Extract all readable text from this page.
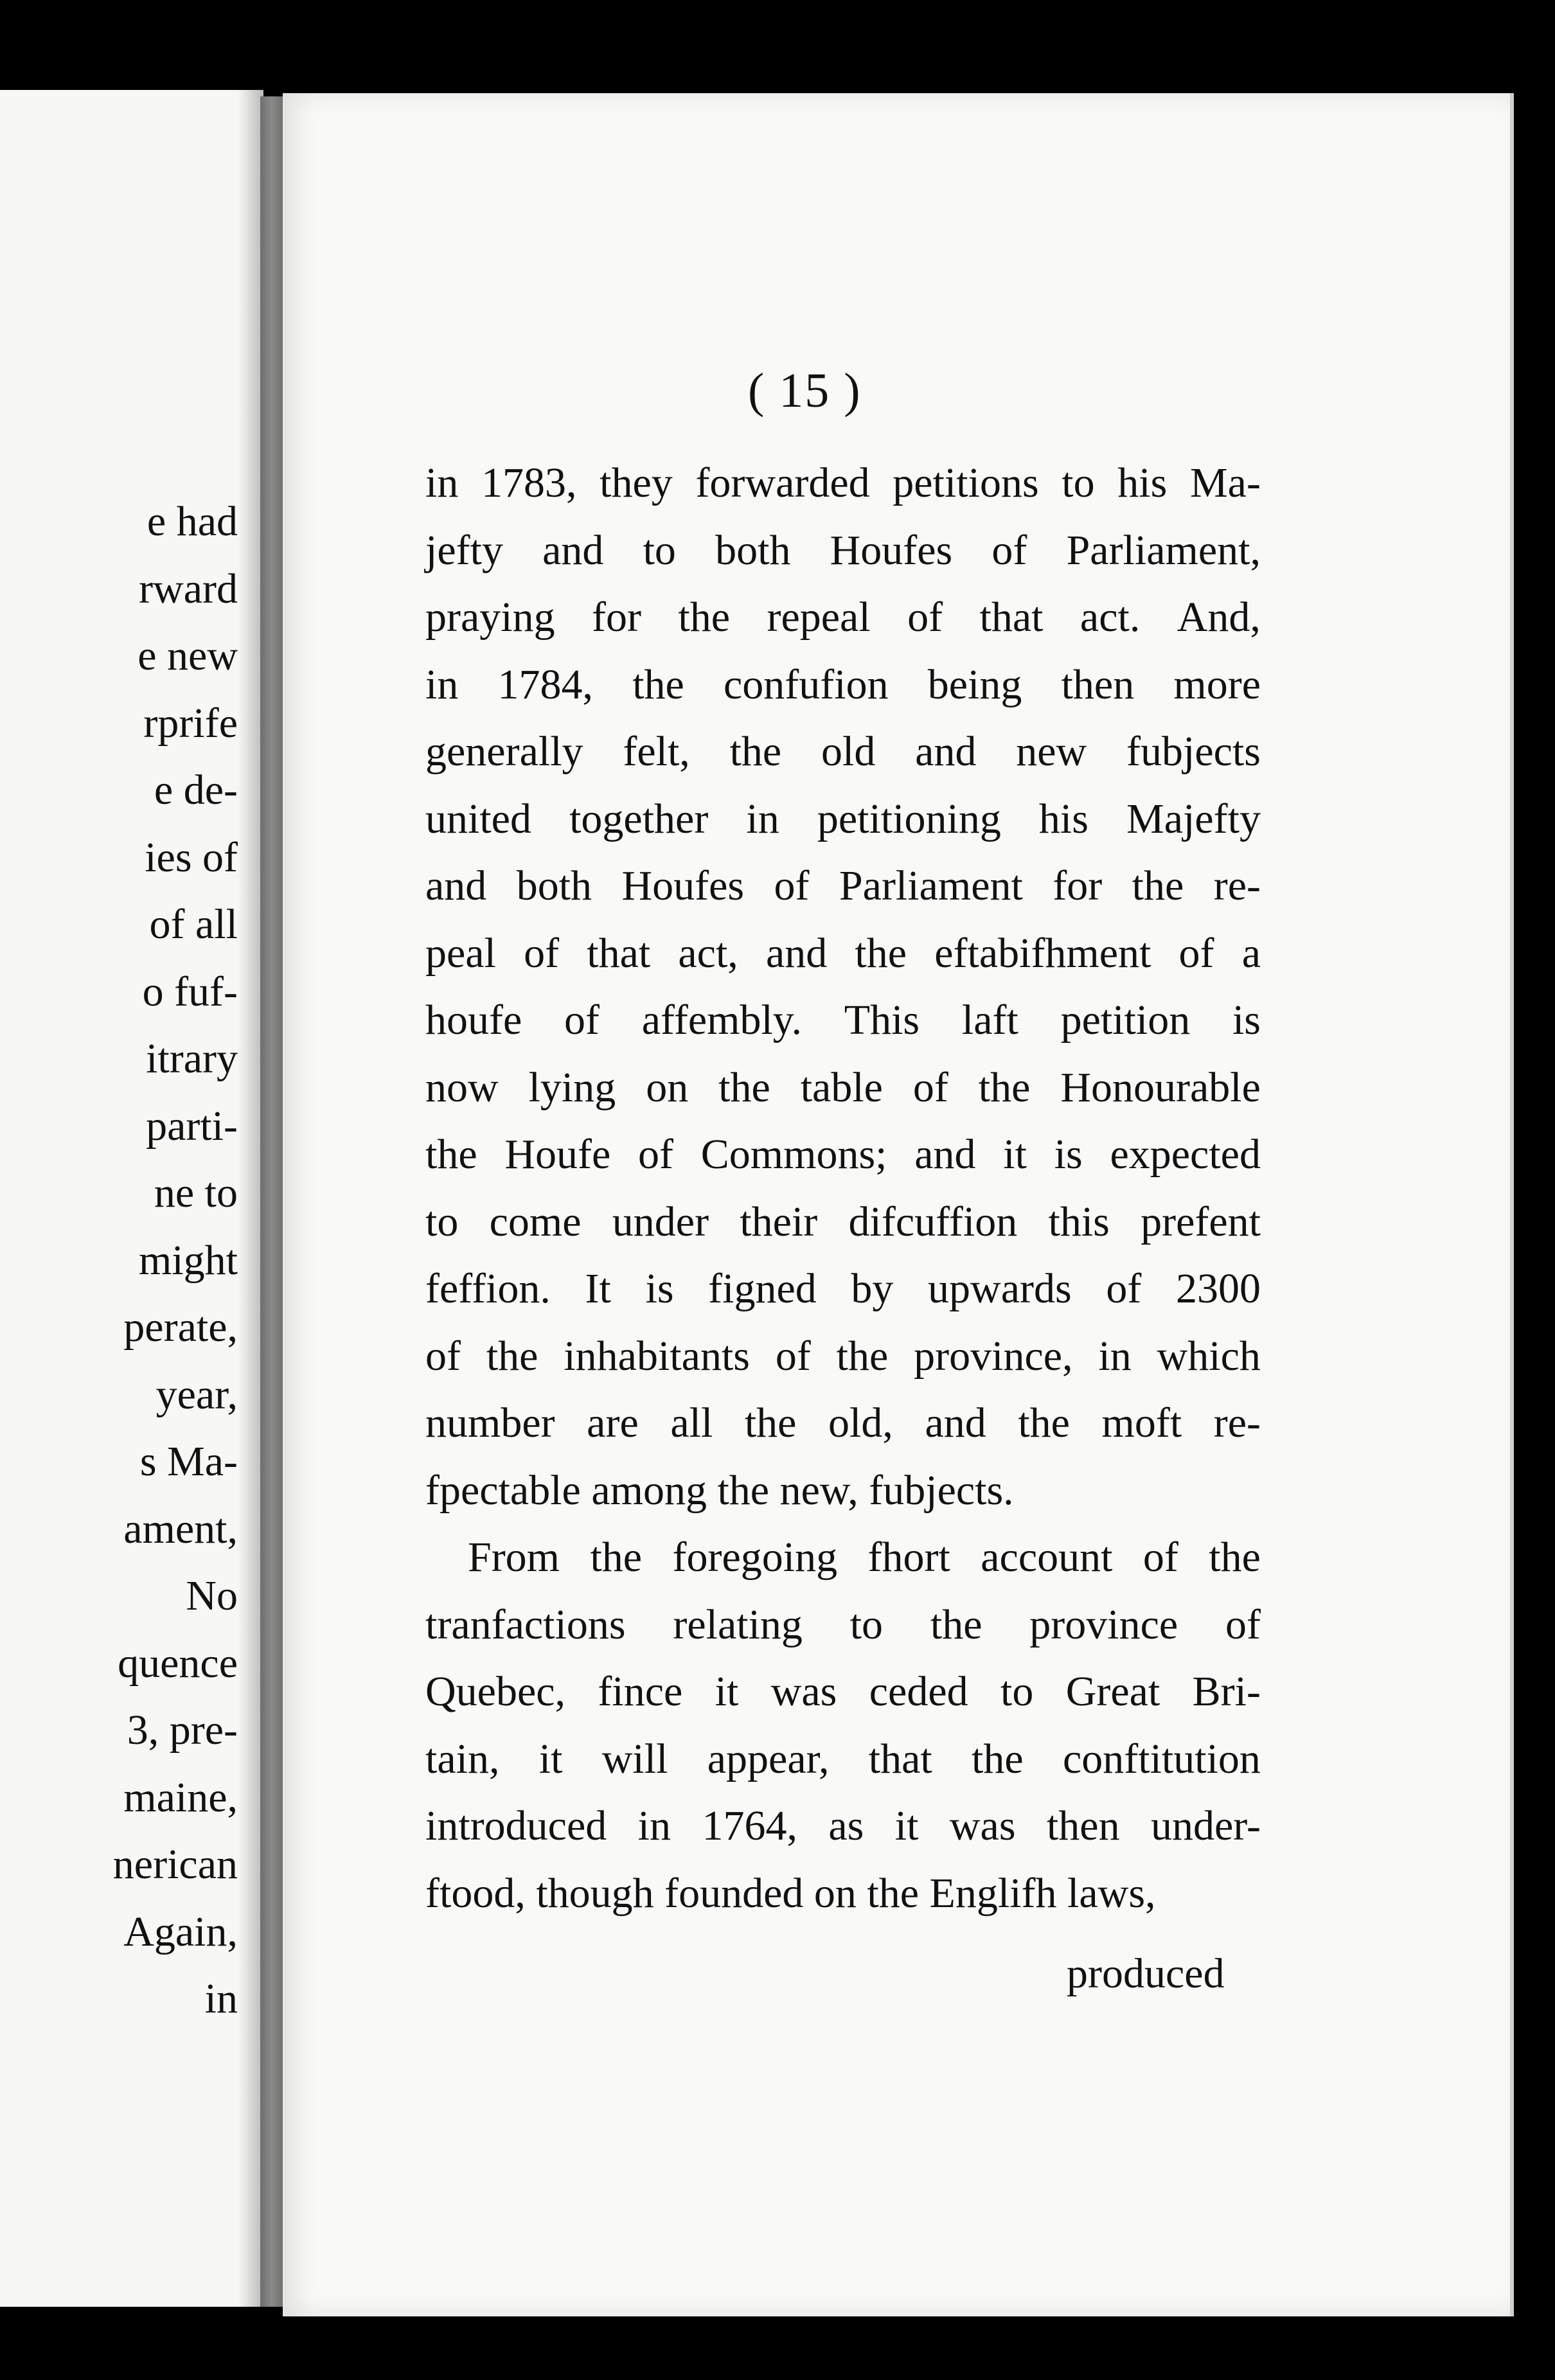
e had
rward
e new
rprife
e de-
ies of
of all
o fuf-
itrary
parti-
ne to
might
perate,
year,
s Ma-
ament,
No
quence
3, pre-
maine,
nerican
Again,
in
( 15 )
in 1783, they forwarded petitions to his Ma-
jefty and to both Houfes of Parliament,
praying for the repeal of that act. And,
in 1784, the confufion being then more
generally felt, the old and new fubjects
united together in petitioning his Majefty
and both Houfes of Parliament for the re-
peal of that act, and the eftabifhment of a
houfe of affembly. This laft petition is
now lying on the table of the Honourable
the Houfe of Commons; and it is expected
to come under their difcuffion this prefent
feffion. It is figned by upwards of 2300
of the inhabitants of the province, in which
number are all the old, and the moft re-
fpectable among the new, fubjects.
From the foregoing fhort account of the
tranfactions relating to the province of
Quebec, fince it was ceded to Great Bri-
tain, it will appear, that the conftitution
introduced in 1764, as it was then under-
ftood, though founded on the Englifh laws,
produced
